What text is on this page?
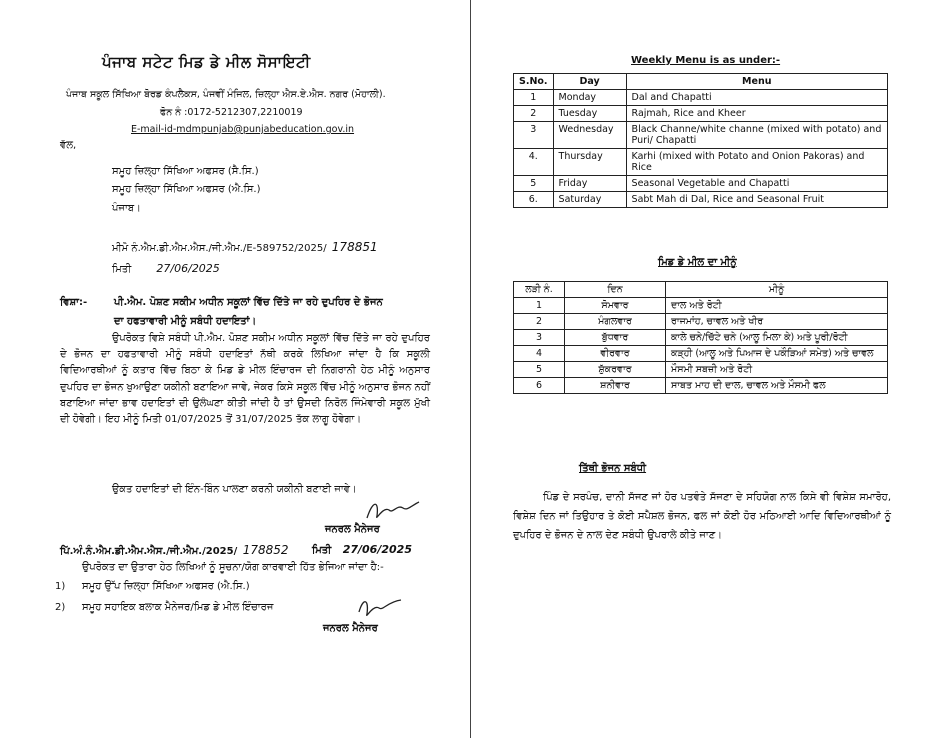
ਪੰਜਾਬ ਸਟੇਟ ਮਿਡ ਡੇ ਮੀਲ ਸੋਸਾਇਟੀ
ਪੰਜਾਬ ਸਕੂਲ ਸਿੱਖਿਆ ਬੋਰਡ ਕੰਪਲੈਕਸ, ਪੰਜਵੀਂ ਮੰਜਿਲ, ਜ਼ਿਲ੍ਹਾ ਐਸ.ਏ.ਐਸ. ਨਗਰ (ਮੋਹਾਲੀ).
ਫੋਨ ਨੰ :0172-5212307,2210019
E-mail-id-mdmpunjab@punjabeducation.gov.in
ਵੱਲ,
ਸਮੂਹ ਜ਼ਿਲ੍ਹਾ ਸਿੱਖਿਆ ਅਫਸਰ (ਸੈ.ਸਿ.)
ਸਮੂਹ ਜ਼ਿਲ੍ਹਾ ਸਿੱਖਿਆ ਅਫਸਰ (ਐ.ਸਿ.)
ਪੰਜਾਬ।
ਮੀਮੋ ਨੰ.ਐਮ.ਡੀ.ਐਮ.ਐਸ./ਜੀ.ਐਮ./E-589752/2025/ 178851
ਮਿਤੀ 27/06/2025
ਵਿਸ਼ਾ:-	ਪੀ.ਐਮ. ਪੋਸ਼ਣ ਸਕੀਮ ਅਧੀਨ ਸਕੂਲਾਂ ਵਿੱਚ ਦਿੱਤੇ ਜਾ ਰਹੇ ਦੁਪਹਿਰ ਦੇ ਭੋਜਨ
ਦਾ ਹਫਤਾਵਾਰੀ ਮੀਨੂੰ ਸਬੰਧੀ ਹਦਾਇਤਾਂ।
ਉਪਰੋਕਤ ਵਿਸ਼ੇ ਸਬੰਧੀ ਪੀ.ਐਮ. ਪੋਸ਼ਣ ਸਕੀਮ ਅਧੀਨ ਸਕੂਲਾਂ ਵਿੱਚ ਦਿੱਤੇ ਜਾ ਰਹੇ ਦੁਪਹਿਰ ਦੇ ਭੋਜਨ ਦਾ ਹਫਤਾਵਾਰੀ ਮੀਨੂੰ ਸਬੰਧੀ ਹਦਾਇਤਾਂ ਨੱਥੀ ਕਰਕੇ ਲਿਖਿਆ ਜਾਂਦਾ ਹੈ ਕਿ ਸਕੂਲੀ ਵਿਦਿਆਰਥੀਆਂ ਨੂੰ ਕਤਾਰ ਵਿੱਚ ਬਿਠਾ ਕੇ ਮਿਡ ਡੇ ਮੀਲ ਇੰਚਾਰਜ ਦੀ ਨਿਗਰਾਨੀ ਹੇਠ ਮੀਨੂੰ ਅਨੁਸਾਰ ਦੁਪਹਿਰ ਦਾ ਭੋਜਨ ਖੁਆਉਣਾ ਯਕੀਨੀ ਬਣਾਇਆ ਜਾਵੇ, ਜੇਕਰ ਕਿਸੇ ਸਕੂਲ ਵਿੱਚ ਮੀਨੂੰ ਅਨੁਸਾਰ ਭੋਜਨ ਨਹੀਂ ਬਣਾਇਆ ਜਾਂਦਾ ਭਾਵ ਹਦਾਇਤਾਂ ਦੀ ਉਲੰਘਣਾ ਕੀਤੀ ਜਾਂਦੀ ਹੈ ਤਾਂ ਉਸਦੀ ਨਿਰੋਲ ਜਿੰਮੇਵਾਰੀ ਸਕੂਲ ਮੁੱਖੀ ਦੀ ਹੋਵੇਗੀ। ਇਹ ਮੀਨੂੰ ਮਿਤੀ 01/07/2025 ਤੋਂ 31/07/2025 ਤੱਕ ਲਾਗੂ ਹੋਵੇਗਾ।
ਉਕਤ ਹਦਾਇਤਾਂ ਦੀ ਇੰਨ-ਬਿੰਨ ਪਾਲਣਾ ਕਰਨੀ ਯਕੀਨੀ ਬਣਾਈ ਜਾਵੇ।
ਜਨਰਲ ਮੈਨੇਜਰ
ਪਿੱ.ਅੰ.ਨੰ.ਐਮ.ਡੀ.ਐਮ.ਐਸ./ਜੀ.ਐਮ./2025/ 178852 ਮਿਤੀ 27/06/2025
ਉਪਰੋਕਤ ਦਾ ਉਤਾਰਾ ਹੇਠ ਲਿਖਿਆਂ ਨੂੰ ਸੂਚਨਾ/ਯੋਗ ਕਾਰਵਾਈ ਹਿੱਤ ਭੇਜਿਆ ਜਾਂਦਾ ਹੈ:-
1) ਸਮੂਹ ਉੱਪ ਜ਼ਿਲ੍ਹਾ ਸਿੱਖਿਆ ਅਫਸਰ (ਐ.ਸਿ.)
2) ਸਮੂਹ ਸਹਾਇਕ ਬਲਾਕ ਮੈਨੇਜਰ/ਮਿਡ ਡੇ ਮੀਲ ਇੰਚਾਰਜ
ਜਨਰਲ ਮੈਨੇਜਰ
Weekly Menu is as under:-
S.No.	Day	Menu
1	Monday	Dal and Chapatti
2	Tuesday	Rajmah, Rice and Kheer
3	Wednesday	Black Channe/white channe (mixed with potato) and Puri/ Chapatti
4.	Thursday	Karhi (mixed with Potato and Onion Pakoras) and Rice
5	Friday	Seasonal Vegetable and Chapatti
6.	Saturday	Sabt Mah di Dal, Rice and Seasonal Fruit
ਮਿਡ ਡੇ ਮੀਲ ਦਾ ਮੀਨੂੰ
ਲੜੀ ਨੰ.	ਦਿਨ	ਮੀਨੂੰ
1	ਸੋਮਵਾਰ	ਦਾਲ ਅਤੇ ਰੋਟੀ
2	ਮੰਗਲਵਾਰ	ਰਾਜਮਾਂਹ, ਚਾਵਲ ਅਤੇ ਖੀਰ
3	ਬੁੱਧਵਾਰ	ਕਾਲੇ ਚਨੇ/ਚਿੱਟੇ ਚਨੇ (ਆਲੂ ਮਿਲਾ ਕੇ) ਅਤੇ ਪੂਰੀ/ਰੋਟੀ
4	ਵੀਰਵਾਰ	ਕੜ੍ਹੀ (ਆਲੂ ਅਤੇ ਪਿਆਜ ਦੇ ਪਕੌੜਿਆਂ ਸਮੇਤ) ਅਤੇ ਚਾਵਲ
5	ਸ਼ੁੱਕਰਵਾਰ	ਮੌਸਮੀ ਸਬਜ਼ੀ ਅਤੇ ਰੋਟੀ
6	ਸ਼ਨੀਵਾਰ	ਸਾਬਤ ਮਾਹ ਦੀ ਦਾਲ, ਚਾਵਲ ਅਤੇ ਮੌਸਮੀ ਫਲ
ਤਿੱਥੀ ਭੋਜਨ ਸਬੰਧੀ
ਪਿੰਡ ਦੇ ਸਰਪੰਚ, ਦਾਨੀ ਸੱਜਣ ਜਾਂ ਹੋਰ ਪਤਵੰਤੇ ਸੱਜਣਾ ਦੇ ਸਹਿਯੋਗ ਨਾਲ ਕਿਸੇ ਵੀ ਵਿਸ਼ੇਸ਼ ਸਮਾਰੋਹ, ਵਿਸ਼ੇਸ਼ ਦਿਨ ਜਾਂ ਤਿਉਹਾਰ ਤੇ ਕੋਈ ਸਪੈਸ਼ਲ ਭੋਜਨ, ਫਲ ਜਾਂ ਕੋਈ ਹੋਰ ਮਠਿਆਈ ਆਦਿ ਵਿਦਿਆਰਥੀਆਂ ਨੂੰ ਦੁਪਹਿਰ ਦੇ ਭੋਜਨ ਦੇ ਨਾਲ ਦੇਣ ਸਬੰਧੀ ਉਪਰਾਲੇ ਕੀਤੇ ਜਾਣ।
